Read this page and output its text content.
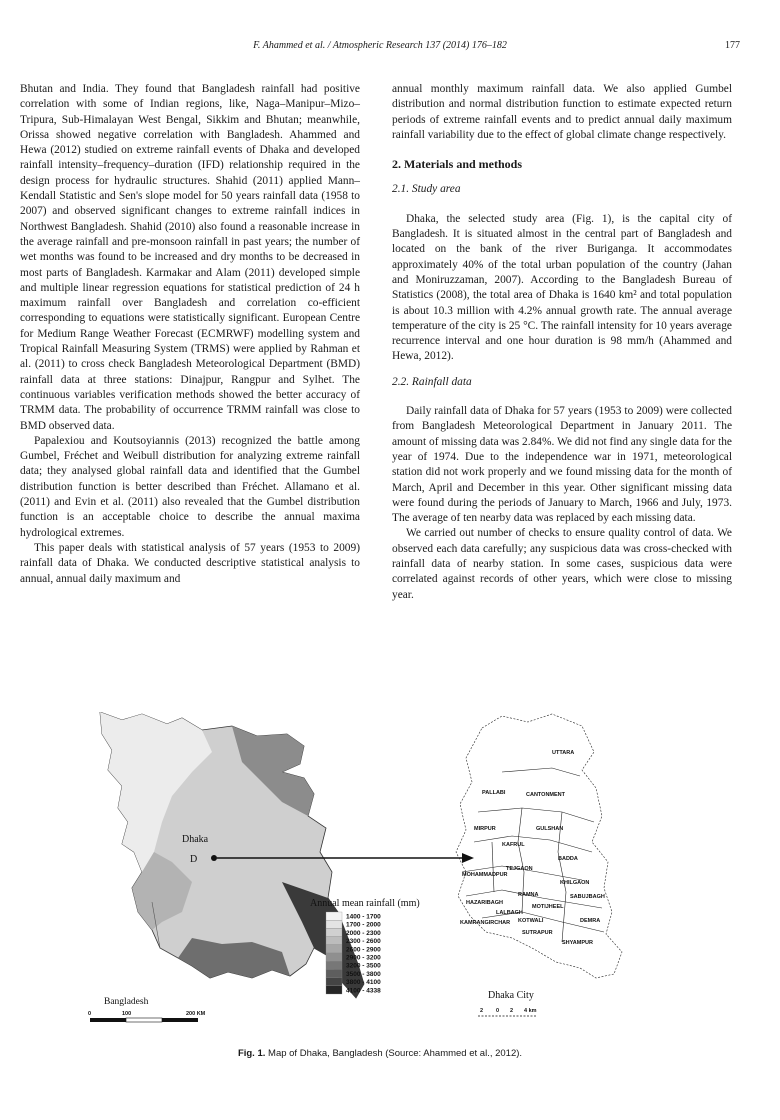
F. Ahammed et al. / Atmospheric Research 137 (2014) 176–182	177

Bhutan and India. They found that Bangladesh rainfall had positive correlation with some of Indian regions, like, Naga–Manipur–Mizo–Tripura, Sub-Himalayan West Bengal, Sikkim and Bhutan; meanwhile, Orissa showed negative correlation with Bangladesh. Ahammed and Hewa (2012) studied on extreme rainfall events of Dhaka and developed rainfall intensity–frequency–duration (IFD) relationship required in the design process for hydraulic structures. Shahid (2011) applied Mann–Kendall Statistic and Sen's slope model for 50 years rainfall data (1958 to 2007) and observed significant changes to extreme rainfall indices in Northwest Bangladesh. Shahid (2010) also found a reasonable increase in the average rainfall and pre-monsoon rainfall in past years; the number of wet months was found to be increased and dry months to be decreased in most parts of Bangladesh. Karmakar and Alam (2011) developed simple and multiple linear regression equations for statistical prediction of 24 h maximum rainfall over Bangladesh and correlation co-efficient corresponding to equations were statistically significant. European Centre for Medium Range Weather Forecast (ECMRWF) modelling system and Tropical Rainfall Measuring System (TRMS) were applied by Rahman et al. (2011) to cross check Bangladesh Meteorological Department (BMD) rainfall data at three stations: Dinajpur, Rangpur and Sylhet. The continuous variables verification methods showed the better accuracy of TRMM data. The probability of occurrence TRMM rainfall was close to BMD observed data.

Papalexiou and Koutsoyiannis (2013) recognized the battle among Gumbel, Fréchet and Weibull distribution for analyzing extreme rainfall data; they analysed global rainfall data and identified that the Gumbel distribution function is better described than Fréchet. Allamano et al. (2011) and Evin et al. (2011) also revealed that the Gumbel distribution function is an acceptable choice to describe the annual maxima hydrological extremes.

This paper deals with statistical analysis of 57 years (1953 to 2009) rainfall data of Dhaka. We conducted descriptive statistical analysis to annual, annual daily maximum and

annual monthly maximum rainfall data. We also applied Gumbel distribution and normal distribution function to estimate expected return periods of extreme rainfall events and to predict annual daily maximum rainfall variability due to the effect of global climate change respectively.

2. Materials and methods
2.1. Study area

Dhaka, the selected study area (Fig. 1), is the capital city of Bangladesh. It is situated almost in the central part of Bangladesh and located on the bank of the river Buriganga. It accommodates approximately 40% of the total urban population of the country (Jahan and Moniruzzaman, 2007). According to the Bangladesh Bureau of Statistics (2008), the total area of Dhaka is 1640 km² and total population is about 10.3 million with 4.2% annual growth rate. The annual average temperature of the city is 25 °C. The rainfall intensity for 10 years average recurrence interval and one hour duration is 98 mm/h (Ahammed and Hewa, 2012).

2.2. Rainfall data

Daily rainfall data of Dhaka for 57 years (1953 to 2009) were collected from Bangladesh Meteorological Department in January 2011. The amount of missing data was 2.84%. We did not find any single data for the year of 1974. Due to the independence war in 1971, meteorological station did not work properly and we found missing data for the month of March, April and December in this year. Other significant missing data were found during the periods of January to March, 1966 and July, 1973. The average of ten nearby data was replaced by each missing data.

We carried out number of checks to ensure quality control of data. We observed each data carefully; any suspicious data was cross-checked with rainfall data of nearby station. In some cases, suspicious data were correlated against records of other years, which were close to missing year.

Dhaka
D
Annual mean rainfall (mm)
1400 - 1700
1700 - 2000
2000 - 2300
2300 - 2600
2600 - 2900
2900 - 3200
3200 - 3500
3500 - 3800
3800 - 4100
4100 - 4338
Bangladesh
0	100	200 KM
UTTARA
PALLABI	CANTONMENT
MIRPUR	GULSHAN
KAFRUL
BADDA
MOHAMMADPUR
TEJGAON
KHILGAON
SABUJBAGH
RAMNA
HAZARIBAGH
MOTIJHEEL
LALBAGH
KAMRANGIRCHAR KOTWALI	DEMRA
SUTRAPUR
SHYAMPUR
Dhaka City
2 0 2 4 km
Fig. 1. Map of Dhaka, Bangladesh (Source: Ahammed et al., 2012).
